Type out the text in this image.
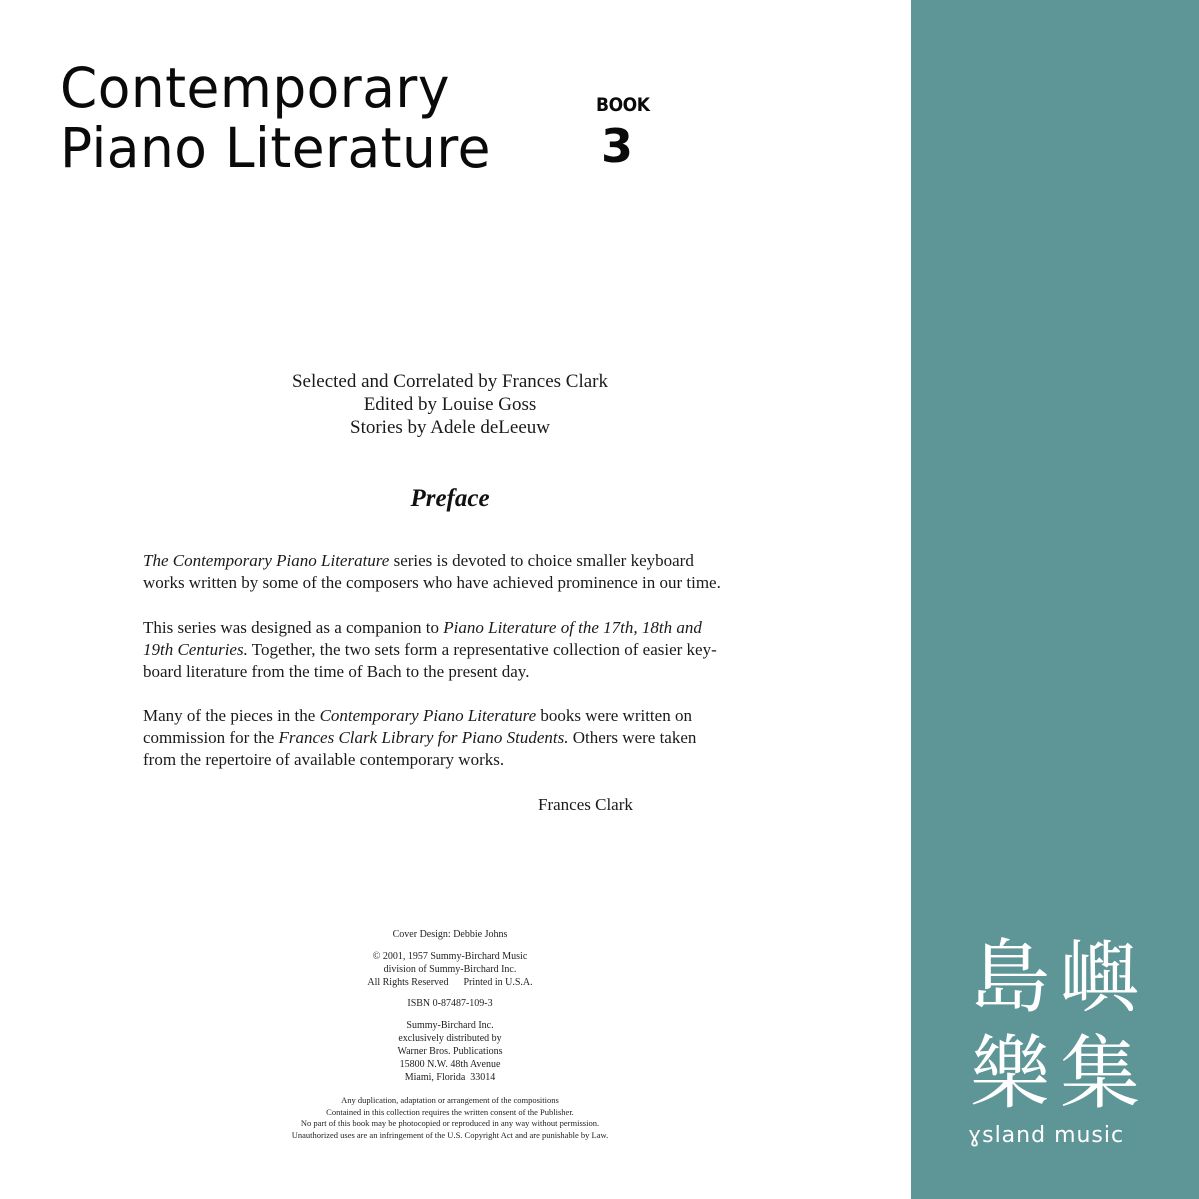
Contemporary
Piano Literature
BOOK
3
Selected and Correlated by Frances Clark
Edited by Louise Goss
Stories by Adele deLeeuw
Preface
The Contemporary Piano Literature series is devoted to choice smaller keyboard
works written by some of the composers who have achieved prominence in our time.
This series was designed as a companion to Piano Literature of the 17th, 18th and
19th Centuries. Together, the two sets form a representative collection of easier key-
board literature from the time of Bach to the present day.
Many of the pieces in the Contemporary Piano Literature books were written on
commission for the Frances Clark Library for Piano Students. Others were taken
from the repertoire of available contemporary works.
Frances Clark
Cover Design: Debbie Johns
© 2001, 1957 Summy-Birchard Music
division of Summy-Birchard Inc.
All Rights Reserved      Printed in U.S.A.
ISBN 0-87487-109-3
Summy-Birchard Inc.
exclusively distributed by
Warner Bros. Publications
15800 N.W. 48th Avenue
Miami, Florida  33014
Any duplication, adaptation or arrangement of the compositions
Contained in this collection requires the written consent of the Publisher.
No part of this book may be photocopied or reproduced in any way without permission.
Unauthorized uses are an infringement of the U.S. Copyright Act and are punishable by Law.
島 嶼
樂 集
ɣsland music
